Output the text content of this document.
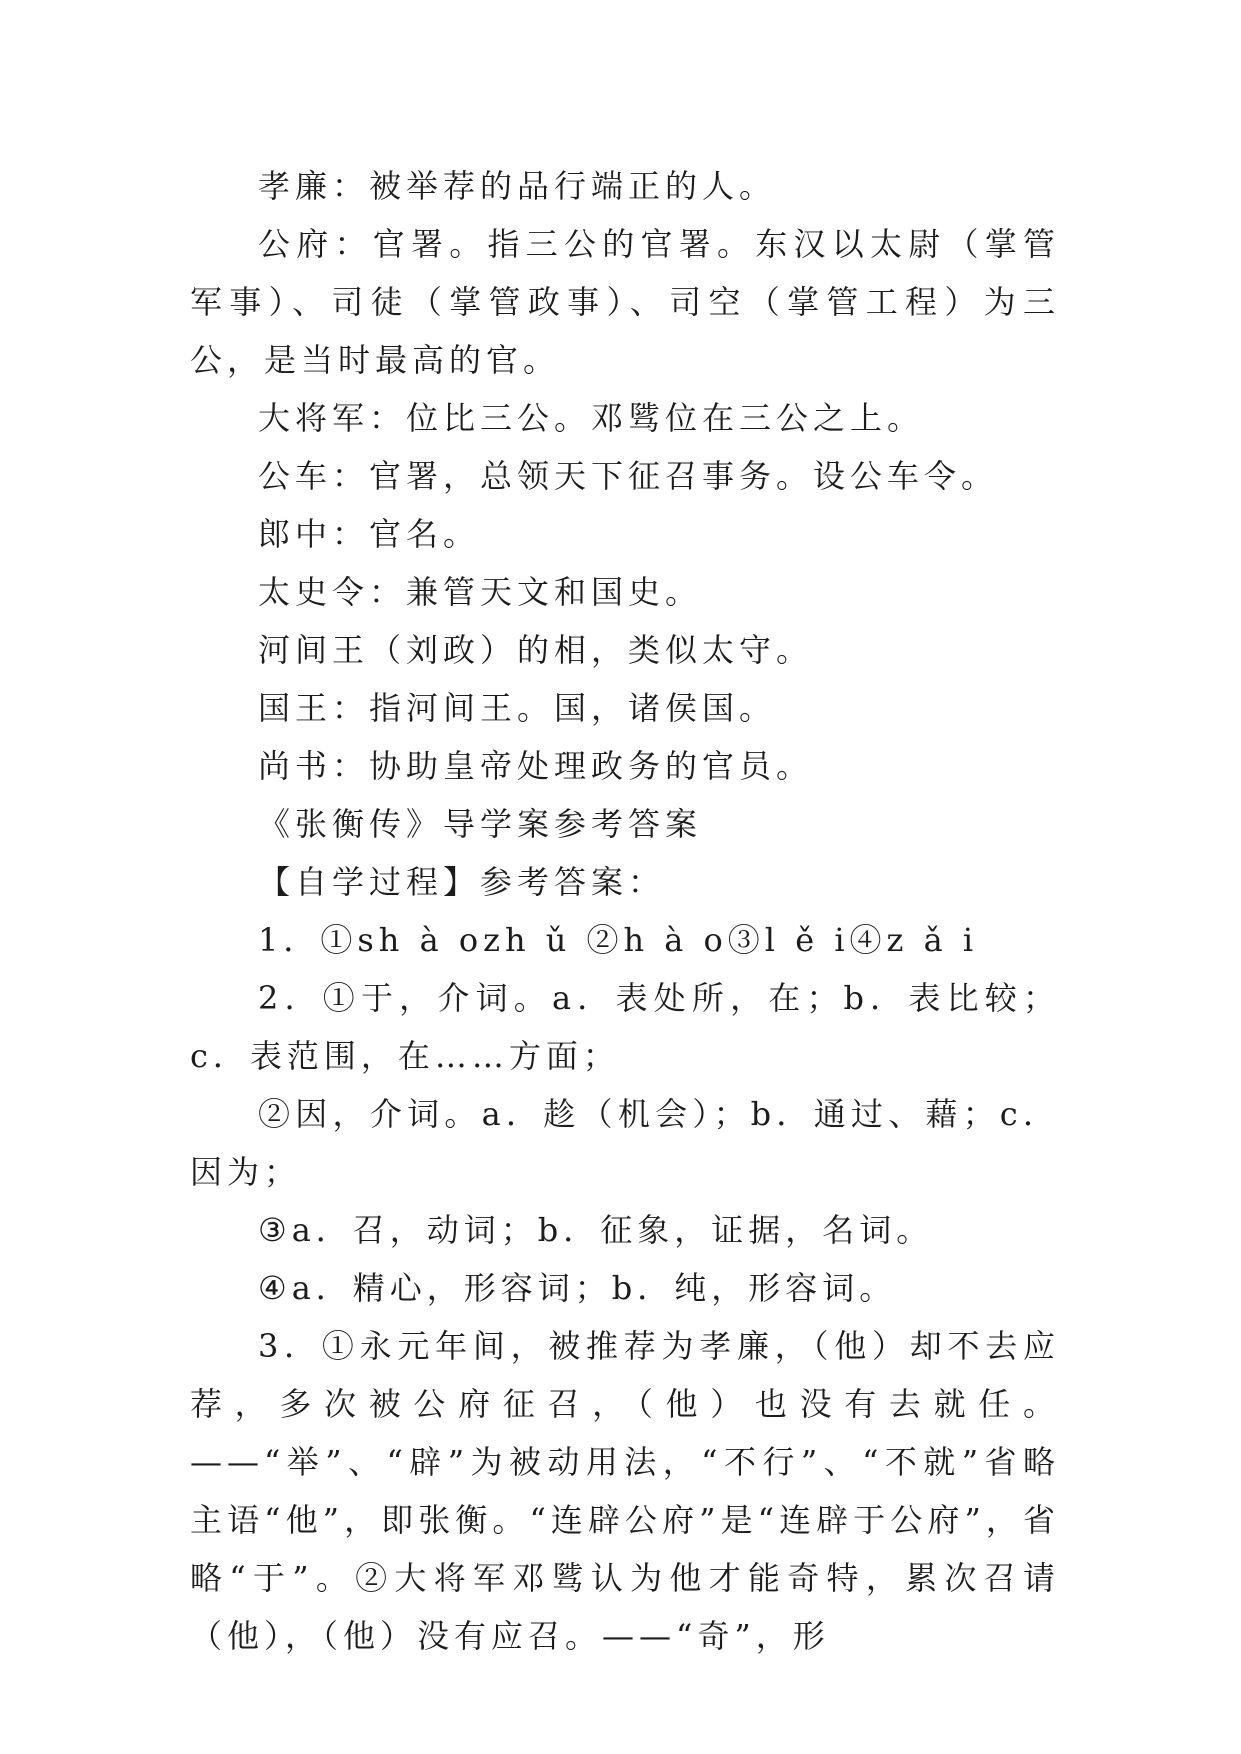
孝廉：被举荐的品行端正的人。

公府：官署。指三公的官署。东汉以太尉（掌管军事）、司徒（掌管政事）、司空（掌管工程）为三公，是当时最高的官。

大将军：位比三公。邓骘位在三公之上。

公车：官署，总领天下征召事务。设公车令。

郎中：官名。

太史令：兼管天文和国史。

河间王（刘政）的相，类似太守。

国王：指河间王。国，诸侯国。

尚书：协助皇帝处理政务的官员。

《张衡传》导学案参考答案

【自学过程】参考答案：

1．①sh à ozh ǔ ②h à o③l ě i④z ǎ i

2．①于，介词。a．表处所，在；b．表比较；c．表范围，在……方面；

②因，介词。a．趁（机会）；b．通过、藉；c．因为；

③a．召，动词；b．征象，证据，名词。

④a．精心，形容词；b．纯，形容词。

3．①永元年间，被推荐为孝廉，（他）却不去应荐，多次被公府征召，（他）也没有去就任。——“举”、“辟”为被动用法，“不行”、“不就”省略主语“他”，即张衡。“连辟公府”是“连辟于公府”，省略“于”。②大将军邓骘认为他才能奇特，累次召请（他），（他）没有应召。——“奇”，形
